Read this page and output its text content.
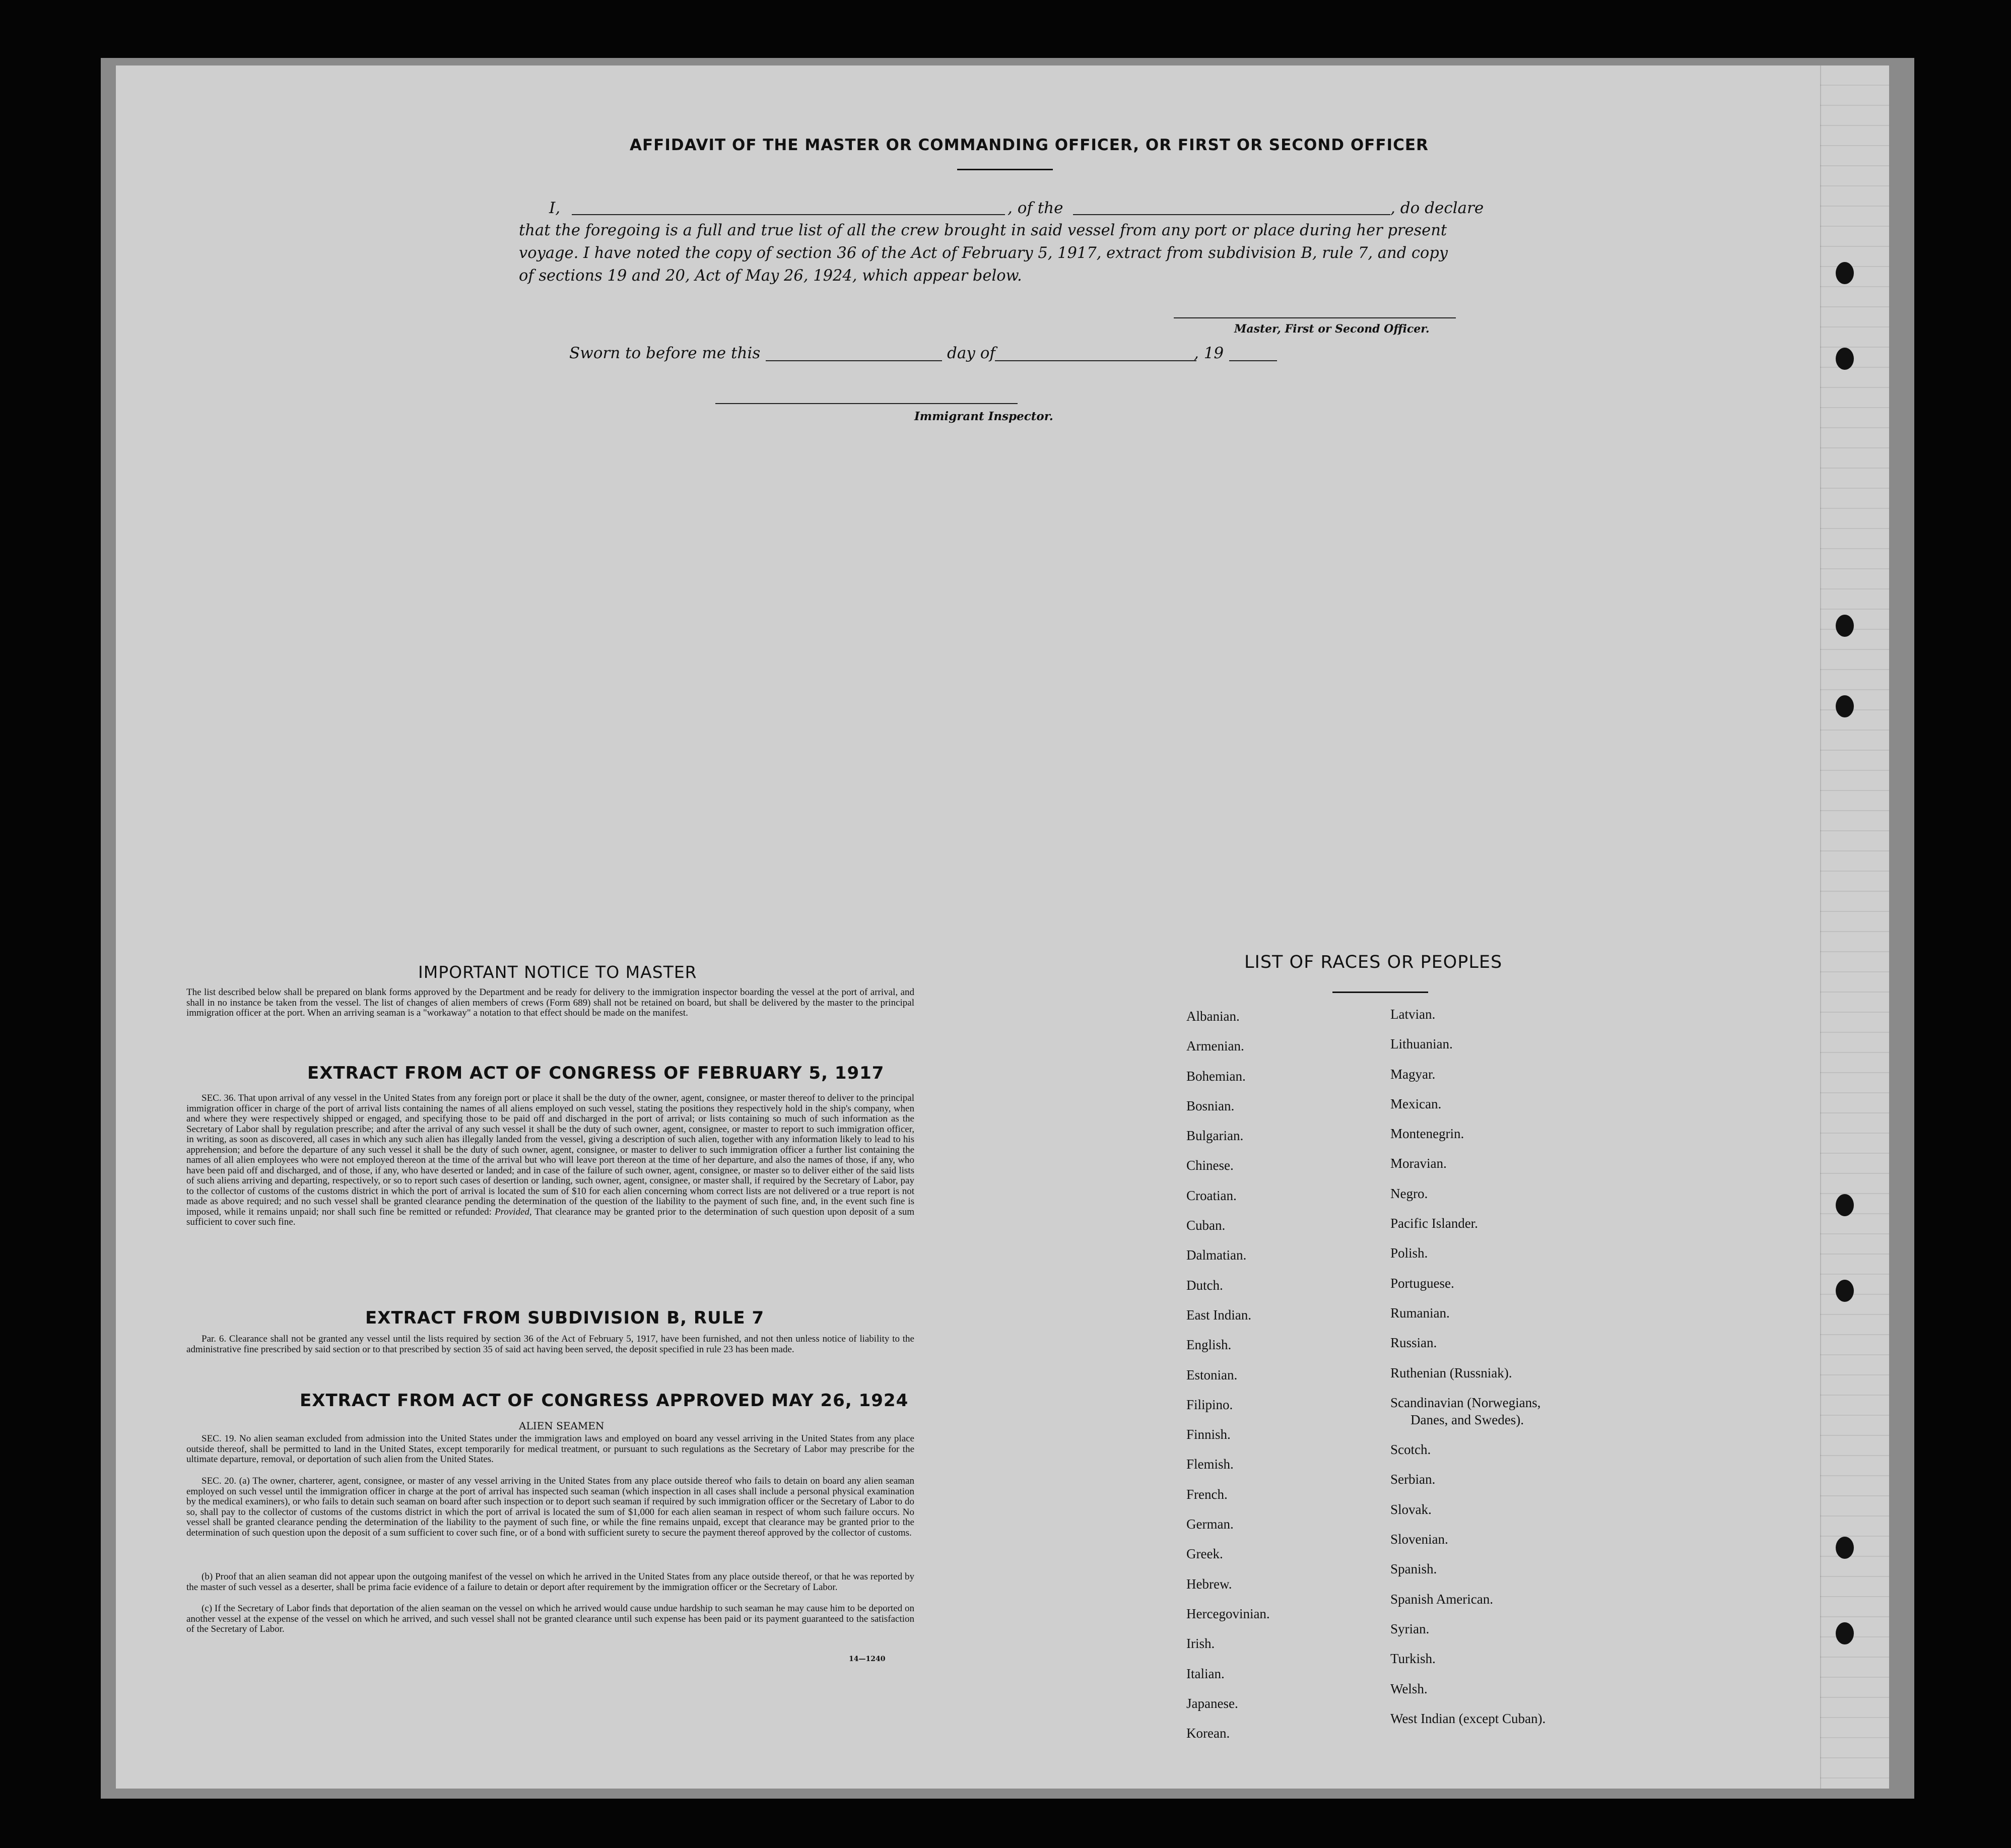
AFFIDAVIT OF THE MASTER OR COMMANDING OFFICER, OR FIRST OR SECOND OFFICER
I,	, of the	, do declare
that the foregoing is a full and true list of all the crew brought in said vessel from any port or place during her present
voyage. I have noted the copy of section 36 of the Act of February 5, 1917, extract from subdivision B, rule 7, and copy
of sections 19 and 20, Act of May 26, 1924, which appear below.
Master, First or Second Officer.
Sworn to before me this	day of	, 19
Immigrant Inspector.
IMPORTANT NOTICE TO MASTER
The list described below shall be prepared on blank forms approved by the Department and be ready for delivery to the immigration inspector boarding the vessel at the port of arrival, and shall in no instance be taken from the vessel. The list of changes of alien members of crews (Form 689) shall not be retained on board, but shall be delivered by the master to the principal immigration officer at the port. When an arriving seaman is a "workaway" a notation to that effect should be made on the manifest.
EXTRACT FROM ACT OF CONGRESS OF FEBRUARY 5, 1917
SEC. 36. That upon arrival of any vessel in the United States from any foreign port or place it shall be the duty of the owner, agent, consignee, or master thereof to deliver to the principal immigration officer in charge of the port of arrival lists containing the names of all aliens employed on such vessel, stating the positions they respectively hold in the ship's company, when and where they were respectively shipped or engaged, and specifying those to be paid off and discharged in the port of arrival; or lists containing so much of such information as the Secretary of Labor shall by regulation prescribe; and after the arrival of any such vessel it shall be the duty of such owner, agent, consignee, or master to report to such immigration officer, in writing, as soon as discovered, all cases in which any such alien has illegally landed from the vessel, giving a description of such alien, together with any information likely to lead to his apprehension; and before the departure of any such vessel it shall be the duty of such owner, agent, consignee, or master to deliver to such immigration officer a further list containing the names of all alien employees who were not employed thereon at the time of the arrival but who will leave port thereon at the time of her departure, and also the names of those, if any, who have been paid off and discharged, and of those, if any, who have deserted or landed; and in case of the failure of such owner, agent, consignee, or master so to deliver either of the said lists of such aliens arriving and departing, respectively, or so to report such cases of desertion or landing, such owner, agent, consignee, or master shall, if required by the Secretary of Labor, pay to the collector of customs of the customs district in which the port of arrival is located the sum of $10 for each alien concerning whom correct lists are not delivered or a true report is not made as above required; and no such vessel shall be granted clearance pending the determination of the question of the liability to the payment of such fine, and, in the event such fine is imposed, while it remains unpaid; nor shall such fine be remitted or refunded: Provided, That clearance may be granted prior to the determination of such question upon deposit of a sum sufficient to cover such fine.
EXTRACT FROM SUBDIVISION B, RULE 7
Par. 6. Clearance shall not be granted any vessel until the lists required by section 36 of the Act of February 5, 1917, have been furnished, and not then unless notice of liability to the administrative fine prescribed by said section or to that prescribed by section 35 of said act having been served, the deposit specified in rule 23 has been made.
EXTRACT FROM ACT OF CONGRESS APPROVED MAY 26, 1924
ALIEN SEAMEN
SEC. 19. No alien seaman excluded from admission into the United States under the immigration laws and employed on board any vessel arriving in the United States from any place outside thereof, shall be permitted to land in the United States, except temporarily for medical treatment, or pursuant to such regulations as the Secretary of Labor may prescribe for the ultimate departure, removal, or deportation of such alien from the United States.
SEC. 20. (a) The owner, charterer, agent, consignee, or master of any vessel arriving in the United States from any place outside thereof who fails to detain on board any alien seaman employed on such vessel until the immigration officer in charge at the port of arrival has inspected such seaman (which inspection in all cases shall include a personal physical examination by the medical examiners), or who fails to detain such seaman on board after such inspection or to deport such seaman if required by such immigration officer or the Secretary of Labor to do so, shall pay to the collector of customs of the customs district in which the port of arrival is located the sum of $1,000 for each alien seaman in respect of whom such failure occurs. No vessel shall be granted clearance pending the determination of the liability to the payment of such fine, or while the fine remains unpaid, except that clearance may be granted prior to the determination of such question upon the deposit of a sum sufficient to cover such fine, or of a bond with sufficient surety to secure the payment thereof approved by the collector of customs.
(b) Proof that an alien seaman did not appear upon the outgoing manifest of the vessel on which he arrived in the United States from any place outside thereof, or that he was reported by the master of such vessel as a deserter, shall be prima facie evidence of a failure to detain or deport after requirement by the immigration officer or the Secretary of Labor.
(c) If the Secretary of Labor finds that deportation of the alien seaman on the vessel on which he arrived would cause undue hardship to such seaman he may cause him to be deported on another vessel at the expense of the vessel on which he arrived, and such vessel shall not be granted clearance until such expense has been paid or its payment guaranteed to the satisfaction of the Secretary of Labor.
14—1240
LIST OF RACES OR PEOPLES
Albanian.
Armenian.
Bohemian.
Bosnian.
Bulgarian.
Chinese.
Croatian.
Cuban.
Dalmatian.
Dutch.
East Indian.
English.
Estonian.
Filipino.
Finnish.
Flemish.
French.
German.
Greek.
Hebrew.
Hercegovinian.
Irish.
Italian.
Japanese.
Korean.
Latvian.
Lithuanian.
Magyar.
Mexican.
Montenegrin.
Moravian.
Negro.
Pacific Islander.
Polish.
Portuguese.
Rumanian.
Russian.
Ruthenian (Russniak).
Scandinavian (Norwegians,
Danes, and Swedes).
Scotch.
Serbian.
Slovak.
Slovenian.
Spanish.
Spanish American.
Syrian.
Turkish.
Welsh.
West Indian (except Cuban).
